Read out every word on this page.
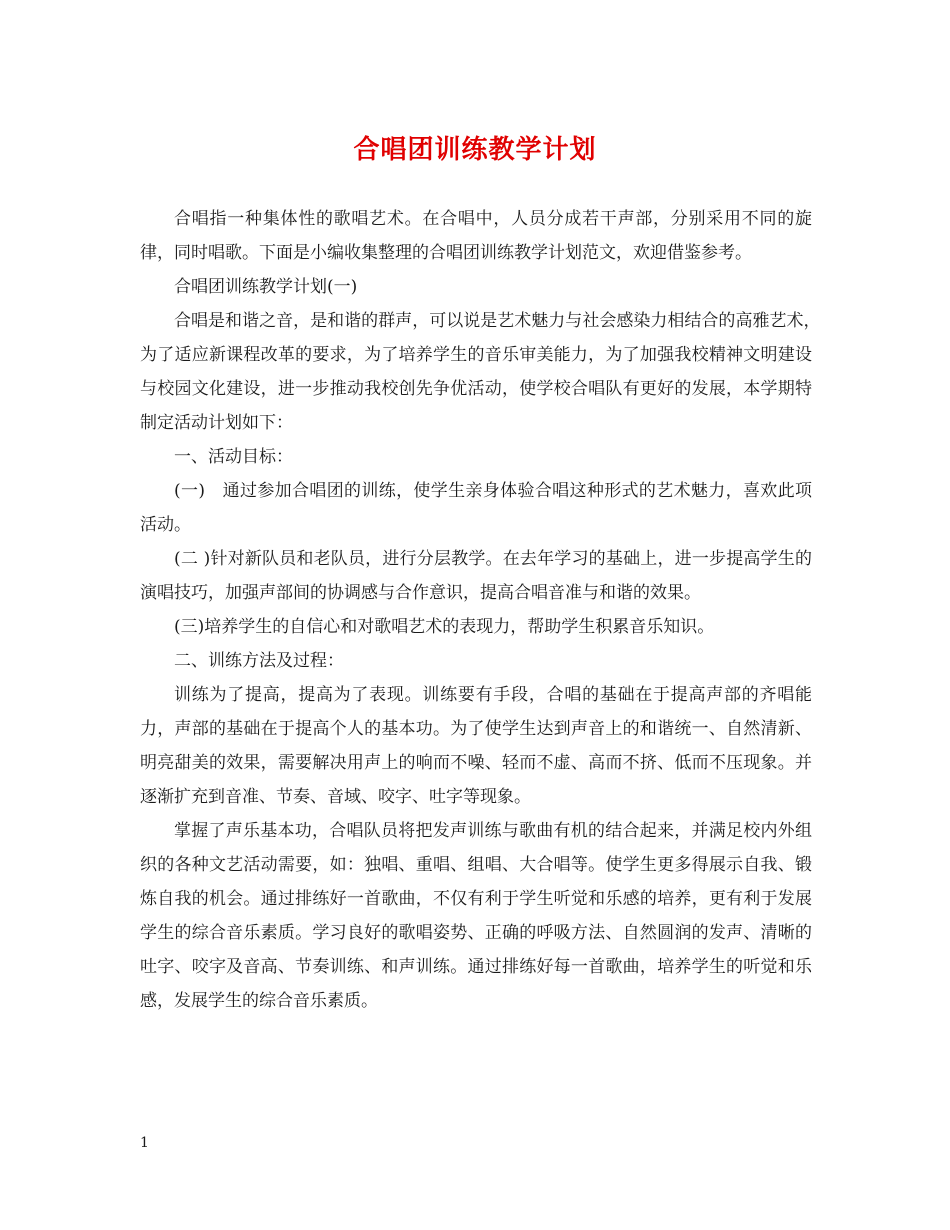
合唱团训练教学计划

合唱指一种集体性的歌唱艺术。在合唱中，人员分成若干声部，分别采用不同的旋律，同时唱歌。下面是小编收集整理的合唱团训练教学计划范文，欢迎借鉴参考。

合唱团训练教学计划(一)

合唱是和谐之音，是和谐的群声，可以说是艺术魅力与社会感染力相结合的高雅艺术，　为了适应新课程改革的要求，为了培养学生的音乐审美能力，为了加强我校精神文明建设与校园文化建设，进一步推动我校创先争优活动，使学校合唱队有更好的发展，本学期特制定活动计划如下：

一、活动目标：

(一)　通过参加合唱团的训练，使学生亲身体验合唱这种形式的艺术魅力，喜欢此项活动。

(二 )针对新队员和老队员，进行分层教学。在去年学习的基础上，进一步提高学生的演唱技巧，加强声部间的协调感与合作意识，提高合唱音准与和谐的效果。

(三)培养学生的自信心和对歌唱艺术的表现力，帮助学生积累音乐知识。

二、训练方法及过程：

训练为了提高，提高为了表现。训练要有手段，合唱的基础在于提高声部的齐唱能力，声部的基础在于提高个人的基本功。为了使学生达到声音上的和谐统一、自然清新、明亮甜美的效果，需要解决用声上的响而不噪、轻而不虚、高而不挤、低而不压现象。并逐渐扩充到音准、节奏、音域、咬字、吐字等现象。

掌握了声乐基本功，合唱队员将把发声训练与歌曲有机的结合起来，并满足校内外组织的各种文艺活动需要，如：独唱、重唱、组唱、大合唱等。使学生更多得展示自我、锻炼自我的机会。通过排练好一首歌曲，不仅有利于学生听觉和乐感的培养，更有利于发展学生的综合音乐素质。学习良好的歌唱姿势、正确的呼吸方法、自然圆润的发声、清晰的吐字、咬字及音高、节奏训练、和声训练。通过排练好每一首歌曲，培养学生的听觉和乐感，发展学生的综合音乐素质。

1
